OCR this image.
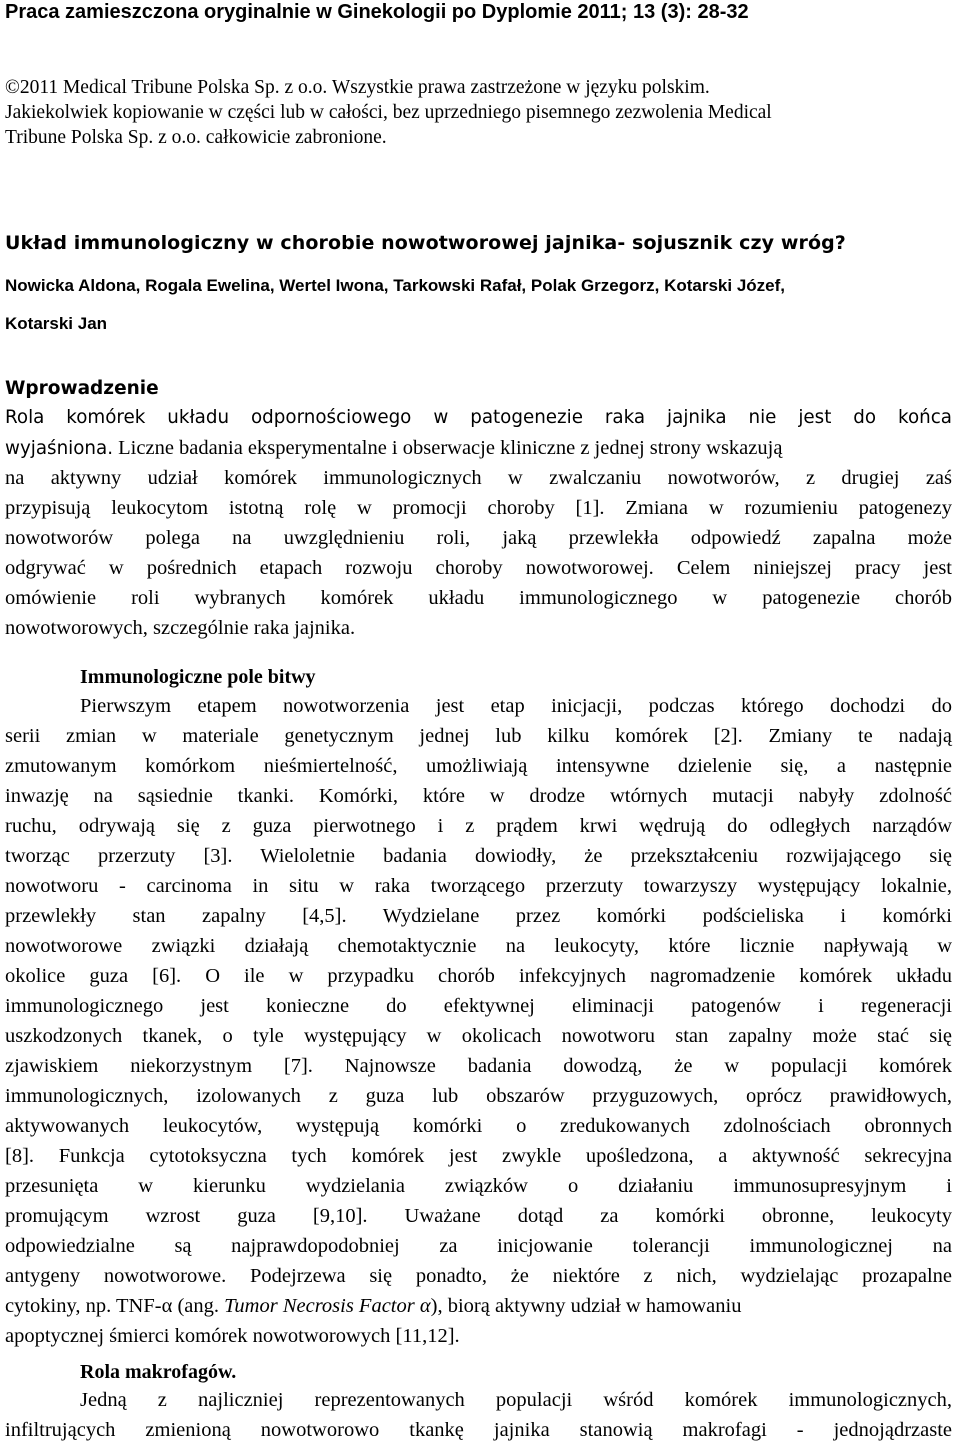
Praca zamieszczona oryginalnie w Ginekologii po Dyplomie 2011; 13 (3): 28-32
©2011 Medical Tribune Polska Sp. z o.o. Wszystkie prawa zastrzeżone w języku polskim.
Jakiekolwiek kopiowanie w części lub w całości, bez uprzedniego pisemnego zezwolenia Medical
Tribune Polska Sp. z o.o. całkowicie zabronione.
Układ immunologiczny w chorobie nowotworowej jajnika- sojusznik czy wróg?
Nowicka Aldona, Rogala Ewelina, Wertel Iwona, Tarkowski Rafał, Polak Grzegorz, Kotarski Józef,
Kotarski Jan
Wprowadzenie
Rola komórek układu odpornościowego w patogenezie raka jajnika nie jest do końca
wyjaśniona. Liczne badania eksperymentalne i obserwacje kliniczne z jednej strony wskazują
na aktywny udział komórek immunologicznych w zwalczaniu nowotworów, z drugiej zaś
przypisują leukocytom istotną rolę w promocji choroby [1]. Zmiana w rozumieniu patogenezy
nowotworów polega na uwzględnieniu roli, jaką przewlekła odpowiedź zapalna może
odgrywać w pośrednich etapach rozwoju choroby nowotworowej. Celem niniejszej pracy jest
omówienie roli wybranych komórek układu immunologicznego w patogenezie chorób
nowotworowych, szczególnie raka jajnika.
Immunologiczne pole bitwy
Pierwszym etapem nowotworzenia jest etap inicjacji, podczas którego dochodzi do
serii zmian w materiale genetycznym jednej lub kilku komórek [2]. Zmiany te nadają
zmutowanym komórkom nieśmiertelność, umożliwiają intensywne dzielenie się, a następnie
inwazję na sąsiednie tkanki. Komórki, które w drodze wtórnych mutacji nabyły zdolność
ruchu, odrywają się z guza pierwotnego i z prądem krwi wędrują do odległych narządów
tworząc przerzuty [3]. Wieloletnie badania dowiodły, że przekształceniu rozwijającego się
nowotworu - carcinoma in situ w raka tworzącego przerzuty towarzyszy występujący lokalnie,
przewlekły stan zapalny [4,5]. Wydzielane przez komórki podścieliska i komórki
nowotworowe związki działają chemotaktycznie na leukocyty, które licznie napływają w
okolice guza [6]. O ile w przypadku chorób infekcyjnych nagromadzenie komórek układu
immunologicznego jest konieczne do efektywnej eliminacji patogenów i regeneracji
uszkodzonych tkanek, o tyle występujący w okolicach nowotworu stan zapalny może stać się
zjawiskiem niekorzystnym [7]. Najnowsze badania dowodzą, że w populacji komórek
immunologicznych, izolowanych z guza lub obszarów przyguzowych, oprócz prawidłowych,
aktywowanych leukocytów, występują komórki o zredukowanych zdolnościach obronnych
[8]. Funkcja cytotoksyczna tych komórek jest zwykle upośledzona, a aktywność sekrecyjna
przesunięta w kierunku wydzielania związków o działaniu immunosupresyjnym i
promującym wzrost guza [9,10]. Uważane dotąd za komórki obronne, leukocyty
odpowiedzialne są najprawdopodobniej za inicjowanie tolerancji immunologicznej na
antygeny nowotworowe. Podejrzewa się ponadto, że niektóre z nich, wydzielając prozapalne
cytokiny, np. TNF-α (ang. Tumor Necrosis Factor α), biorą aktywny udział w hamowaniu
apoptycznej śmierci komórek nowotworowych [11,12].
Rola makrofagów.
Jedną z najliczniej reprezentowanych populacji wśród komórek immunologicznych,
infiltrujących zmienioną nowotworowo tkankę jajnika stanowią makrofagi - jednojądrzaste
